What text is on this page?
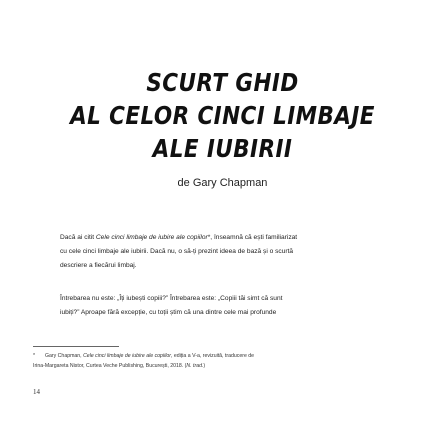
SCURT GHID
AL CELOR CINCI LIMBAJE
ALE IUBIRII
de Gary Chapman

Dacă ai citit Cele cinci limbaje de iubire ale copiilor*, înseamnă că ești familiarizat

cu cele cinci limbaje ale iubirii. Dacă nu, o să-ți prezint ideea de bază și o scurtă

descriere a fiecărui limbaj.

Întrebarea nu este: „Îți iubești copiii?” Întrebarea este: „Copiii tăi simt că sunt

iubiți?” Aproape fără excepție, cu toții știm că una dintre cele mai profunde

* Gary Chapman, Cele cinci limbaje de iubire ale copiilor, ediția a V-a, revizuită, traducere de

Irina-Margareta Nistor, Curtea Veche Publishing, București, 2018. (N. trad.)

14
